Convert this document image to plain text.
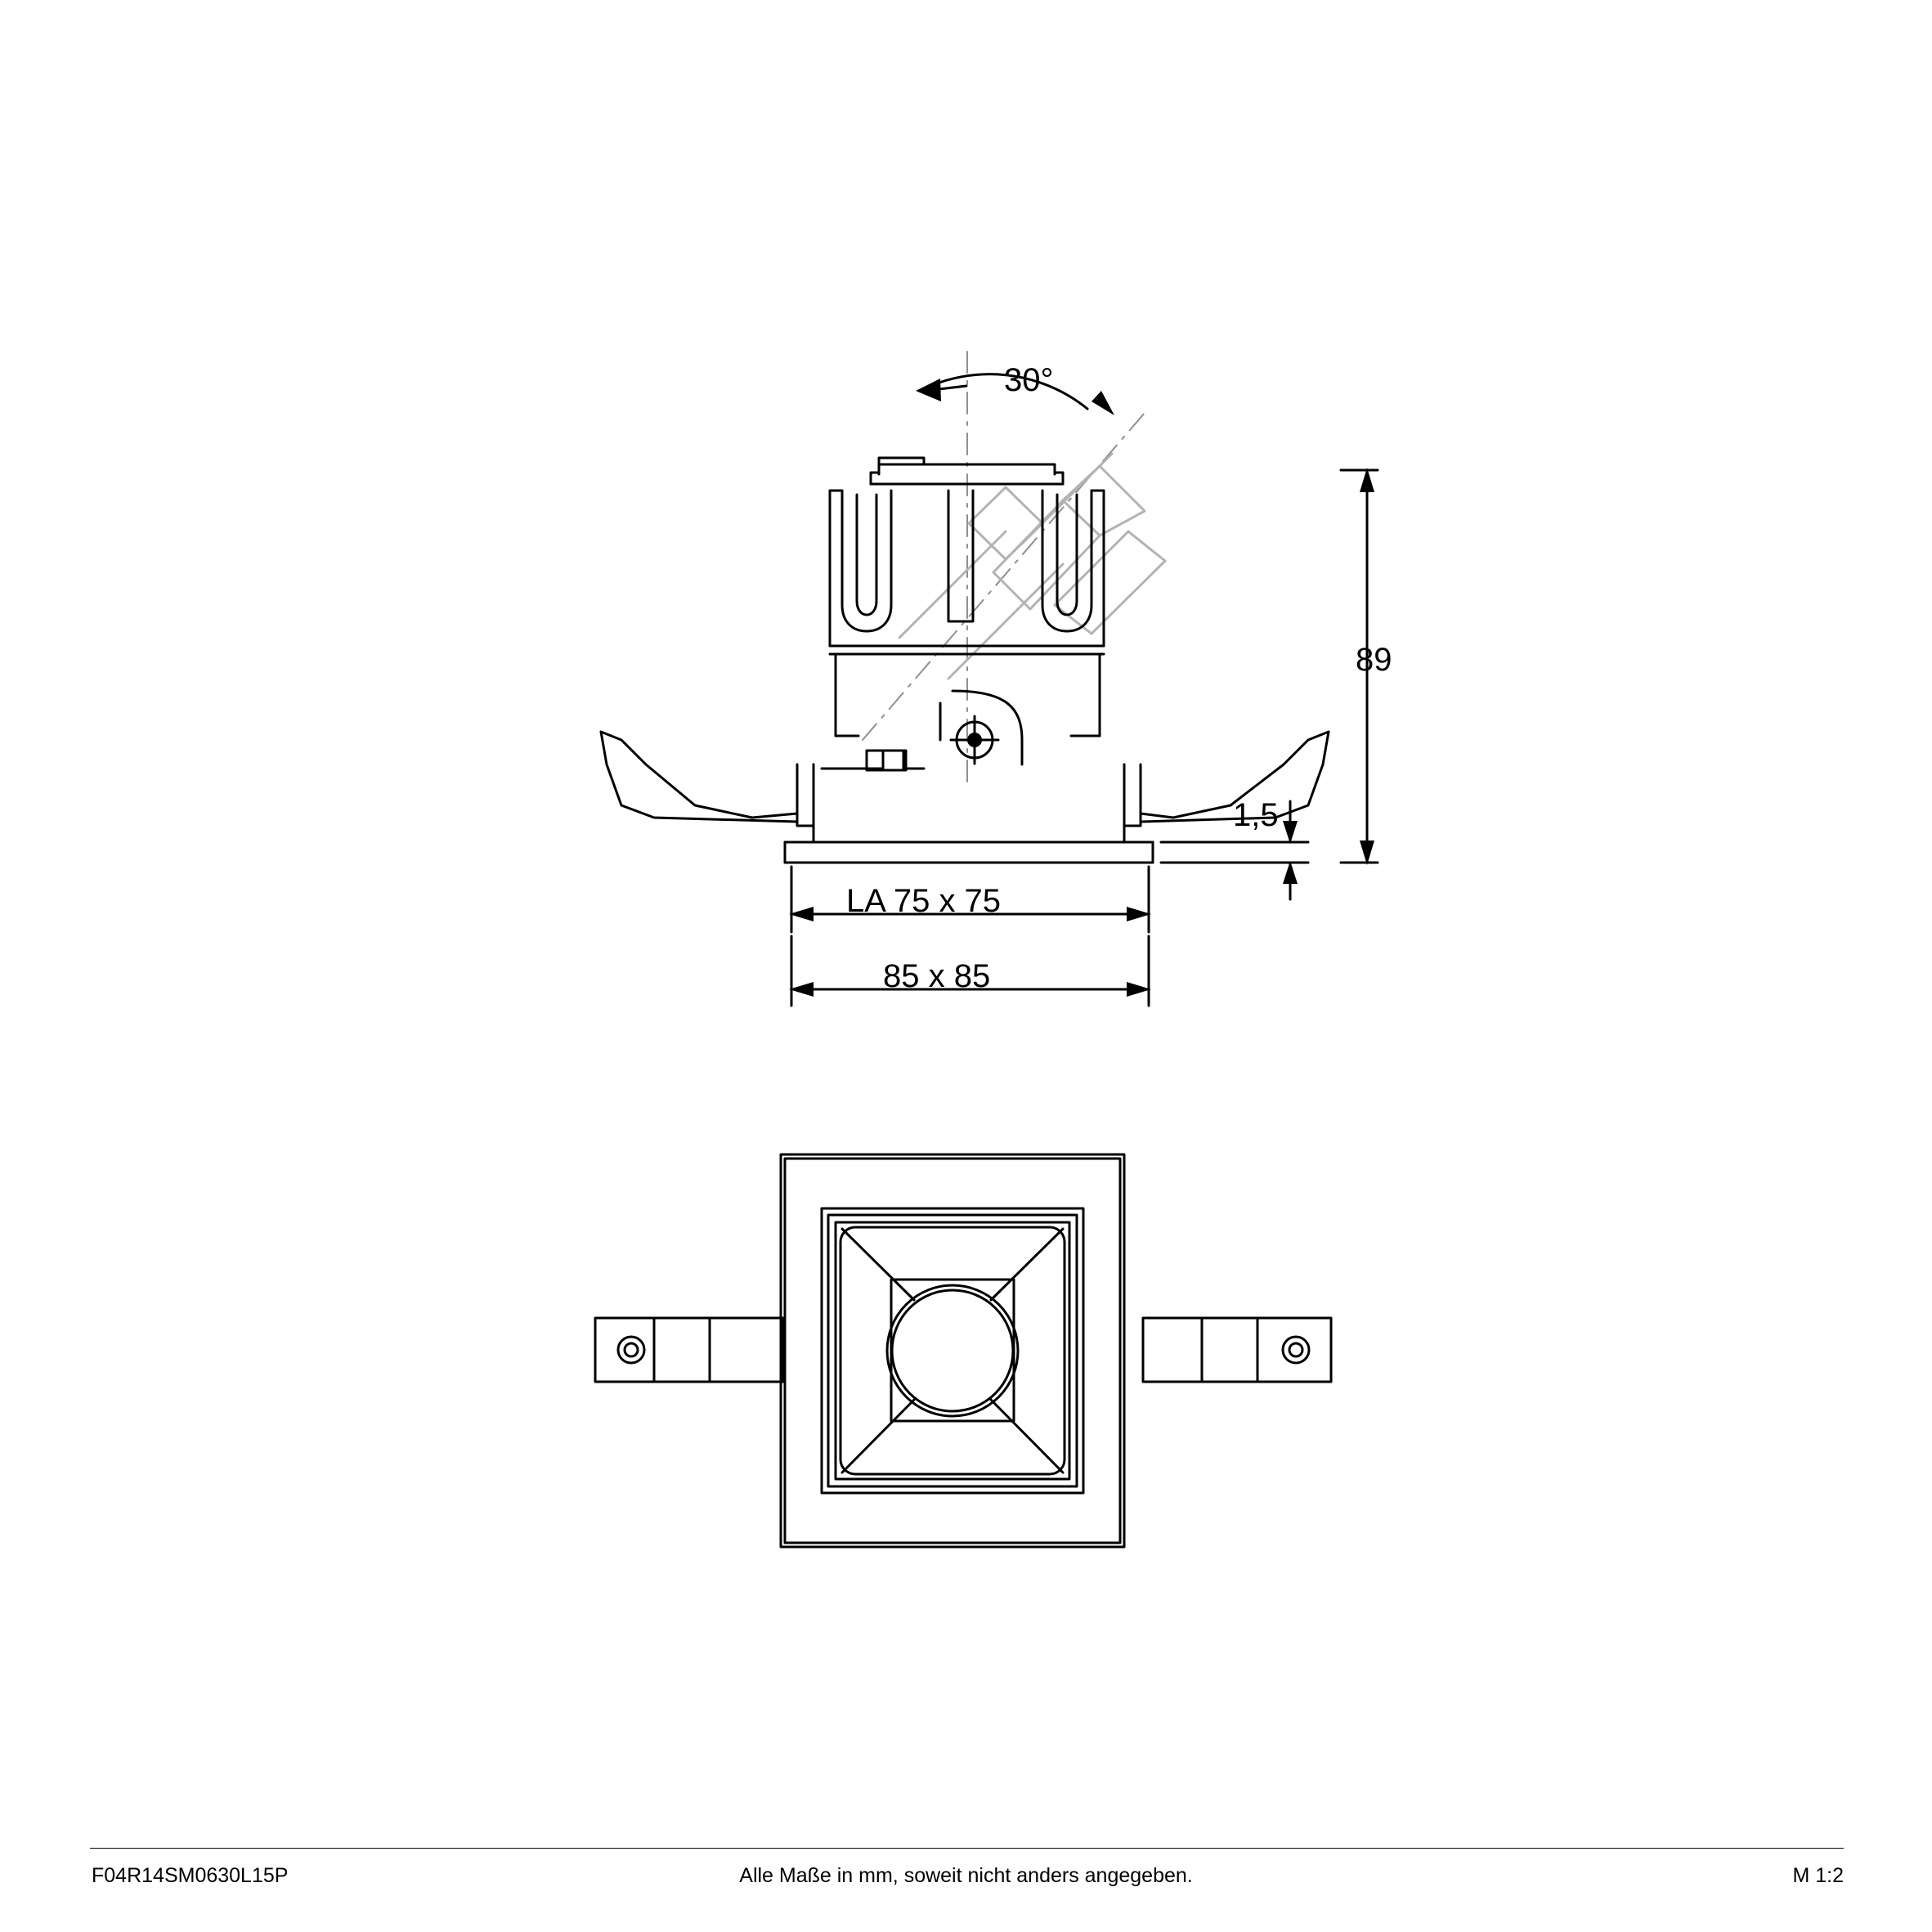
30°
89
1,5
LA 75 x 75
85 x 85
F04R14SM0630L15P	Alle Maße in mm, soweit nicht anders angegeben.	M 1:2
